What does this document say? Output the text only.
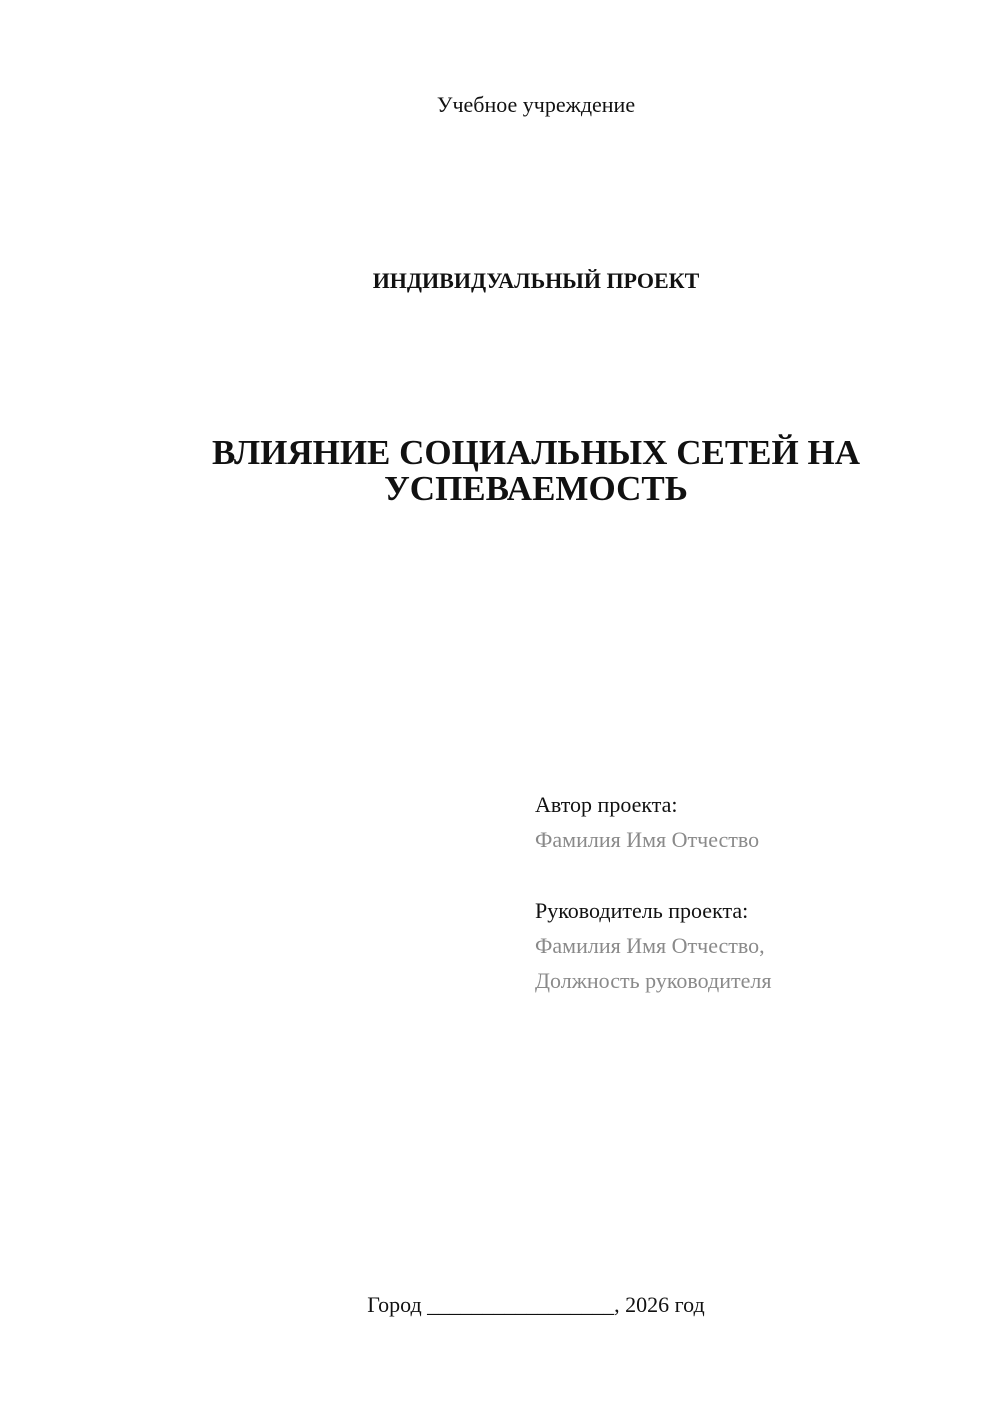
Учебное учреждение
ИНДИВИДУАЛЬНЫЙ ПРОЕКТ
ВЛИЯНИЕ СОЦИАЛЬНЫХ СЕТЕЙ НА
УСПЕВАЕМОСТЬ
Автор проекта:
Фамилия Имя Отчество
Руководитель проекта:
Фамилия Имя Отчество,
Должность руководителя
Город _________________, 2026 год
